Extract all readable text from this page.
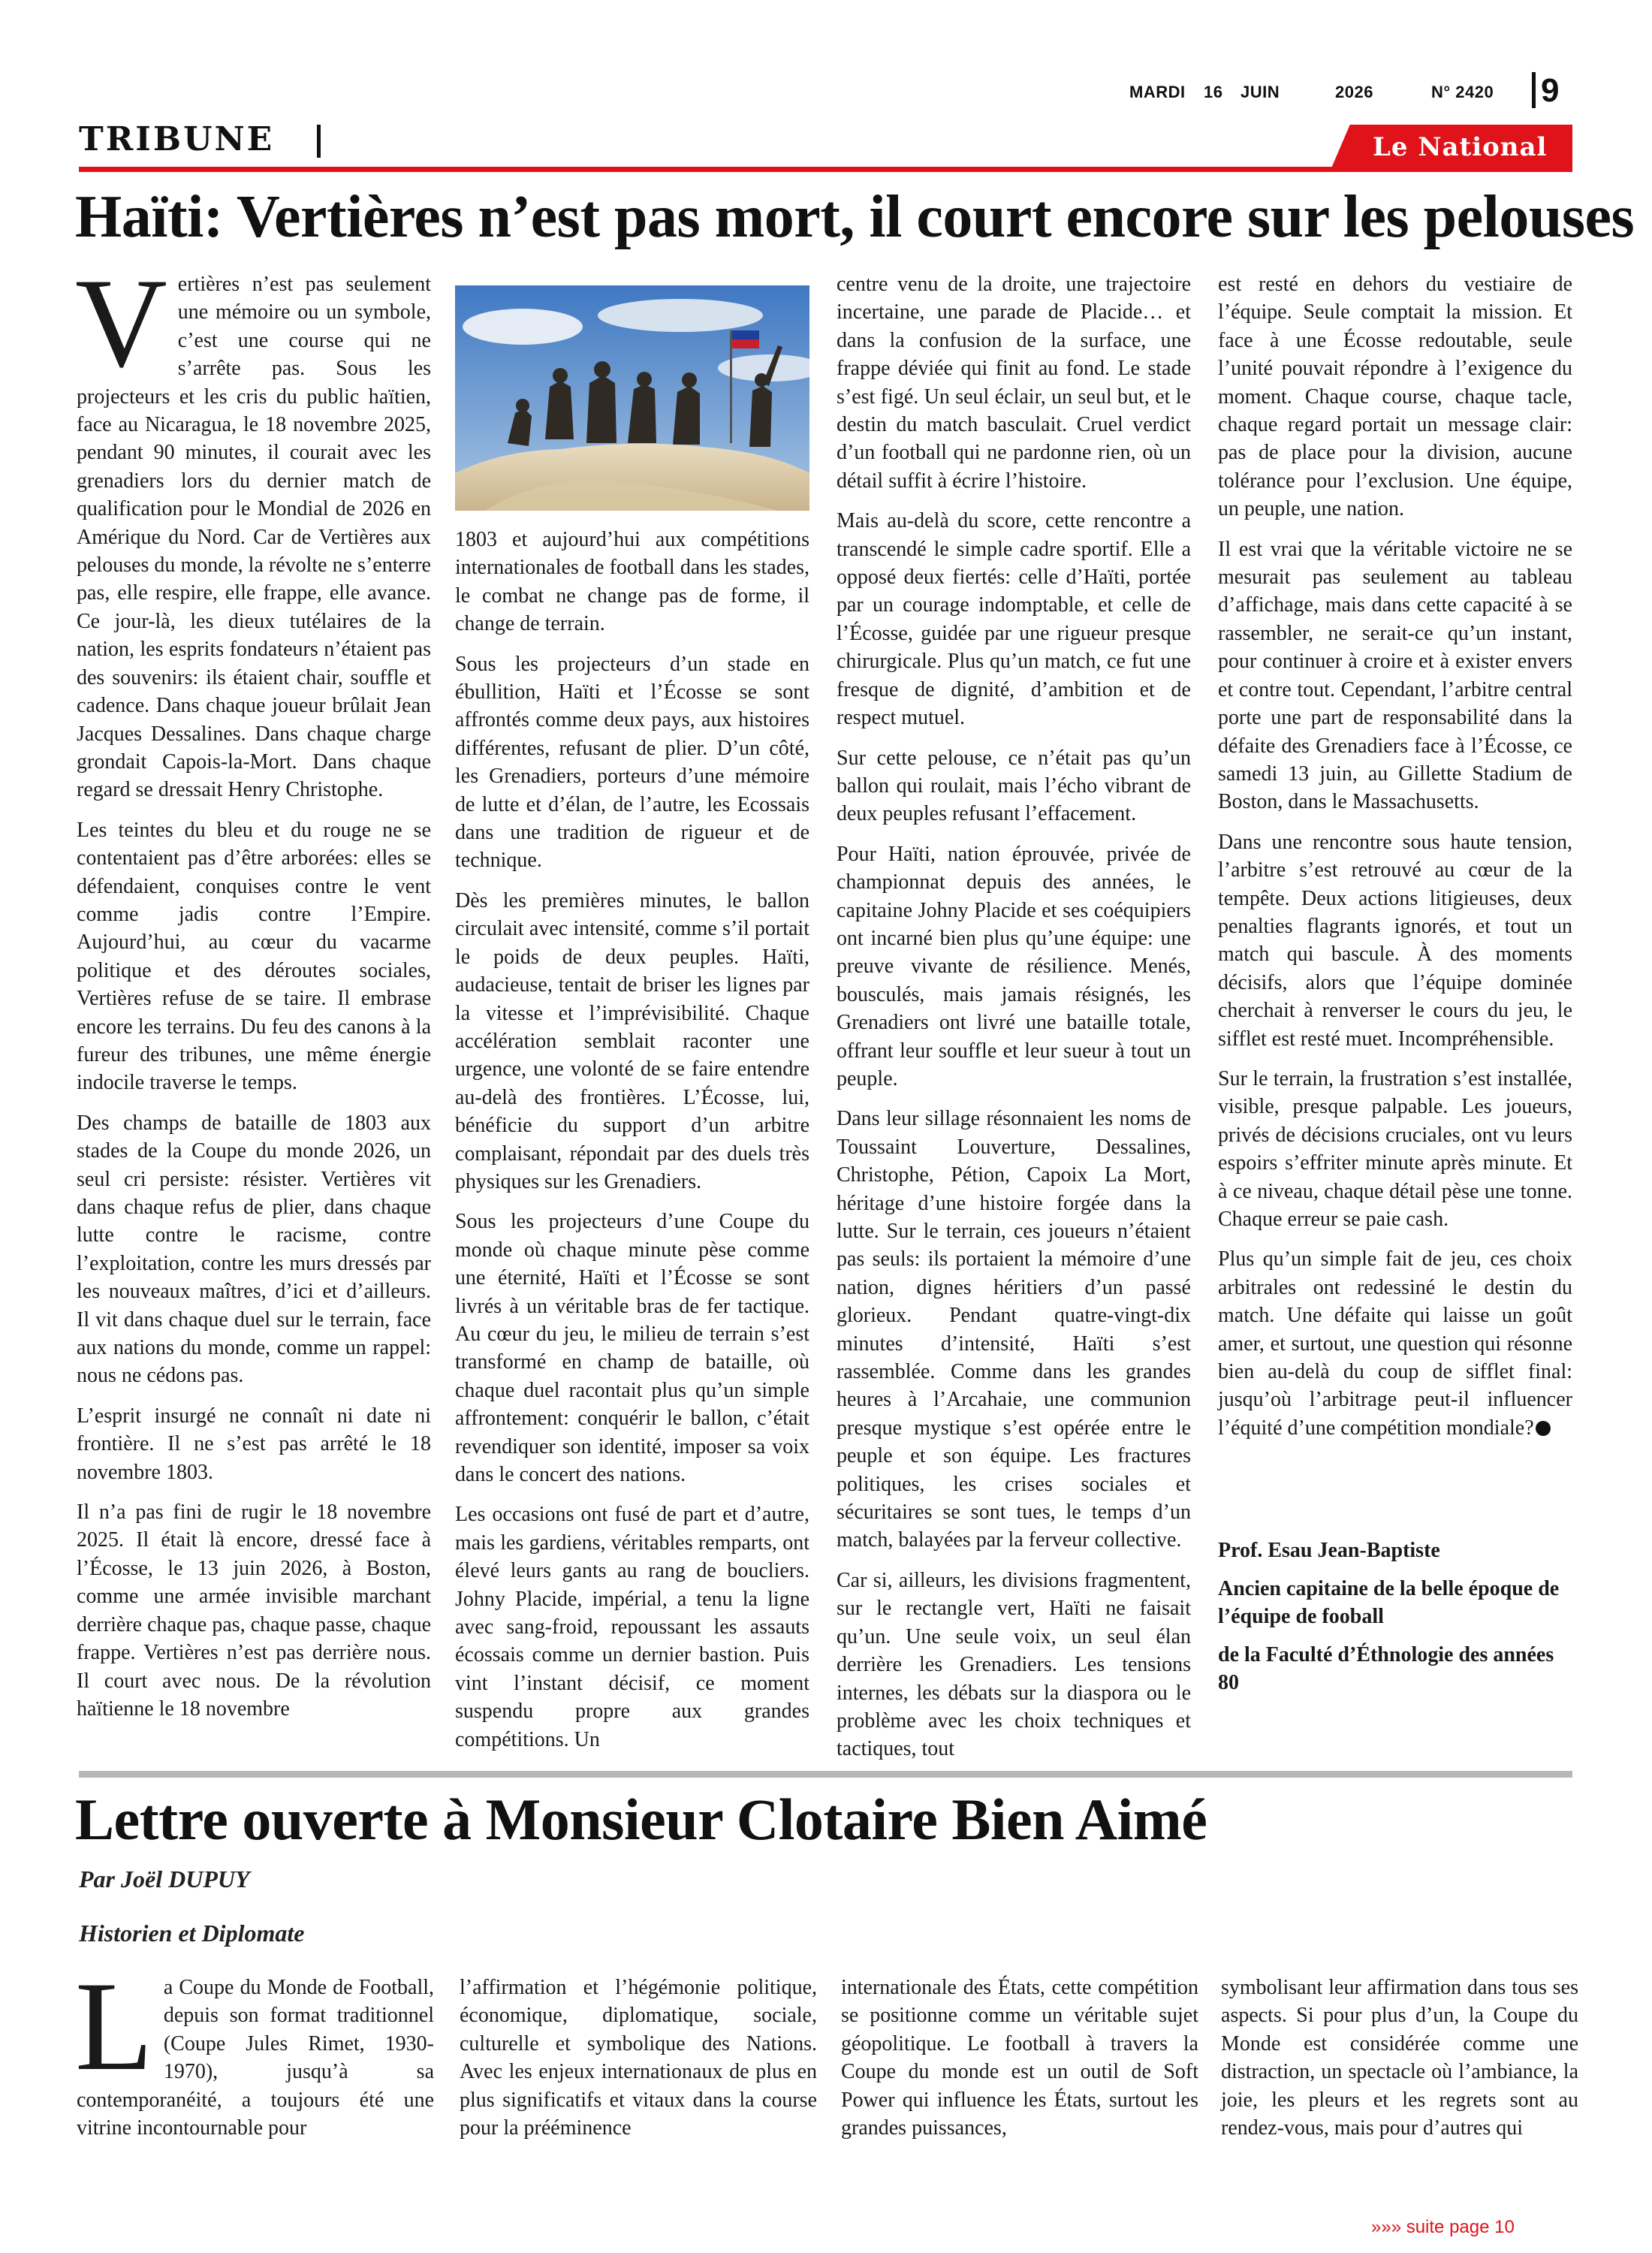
MARDI 16 JUIN	2026	N° 2420 9
TRIBUNE	Le National
Haïti: Vertières n’est pas mort, il court encore sur les pelouses
V ertières n’est pas seulement une mémoire ou un symbole, c’est une course qui ne s’arrête pas. Sous les projecteurs et les cris du public haïtien, face au Nicaragua, le 18 novembre 2025, pendant 90 minutes, il courait avec les grenadiers lors du dernier match de qualification pour le Mondial de 2026 en Amérique du Nord. Car de Vertières aux pelouses du monde, la révolte ne s’enterre pas, elle respire, elle frappe, elle avance. Ce jour-là, les dieux tutélaires de la nation, les esprits fondateurs n’étaient pas des souvenirs: ils étaient chair, souffle et cadence. Dans chaque joueur brûlait Jean Jacques Dessalines. Dans chaque charge grondait Capois-la-Mort. Dans chaque regard se dressait Henry Christophe.

Les teintes du bleu et du rouge ne se contentaient pas d’être arborées: elles se défendaient, conquises contre le vent comme jadis contre l’Empire. Aujourd’hui, au cœur du vacarme politique et des déroutes sociales, Vertières refuse de se taire. Il embrase encore les terrains. Du feu des canons à la fureur des tribunes, une même énergie indocile traverse le temps.

Des champs de bataille de 1803 aux stades de la Coupe du monde 2026, un seul cri persiste: résister. Vertières vit dans chaque refus de plier, dans chaque lutte contre le racisme, contre l’exploitation, contre les murs dressés par les nouveaux maîtres, d’ici et d’ailleurs. Il vit dans chaque duel sur le terrain, face aux nations du monde, comme un rappel: nous ne cédons pas.

L’esprit insurgé ne connaît ni date ni frontière. Il ne s’est pas arrêté le 18 novembre 1803.

Il n’a pas fini de rugir le 18 novembre 2025. Il était là encore, dressé face à l’Écosse, le 13 juin 2026, à Boston, comme une armée invisible marchant derrière chaque pas, chaque passe, chaque frappe. Vertières n’est pas derrière nous. Il court avec nous. De la révolution haïtienne le 18 novembre

1803 et aujourd’hui aux compétitions internationales de football dans les stades, le combat ne change pas de forme, il change de terrain.

Sous les projecteurs d’un stade en ébullition, Haïti et l’Écosse se sont affrontés comme deux pays, aux histoires différentes, refusant de plier. D’un côté, les Grenadiers, porteurs d’une mémoire de lutte et d’élan, de l’autre, les Ecossais dans une tradition de rigueur et de technique.

Dès les premières minutes, le ballon circulait avec intensité, comme s’il portait le poids de deux peuples. Haïti, audacieuse, tentait de briser les lignes par la vitesse et l’imprévisibilité. Chaque accélération semblait raconter une urgence, une volonté de se faire entendre au-delà des frontières. L’Écosse, lui, bénéficie du support d’un arbitre complaisant, répondait par des duels très physiques sur les Grenadiers.

Sous les projecteurs d’une Coupe du monde où chaque minute pèse comme une éternité, Haïti et l’Écosse se sont livrés à un véritable bras de fer tactique. Au cœur du jeu, le milieu de terrain s’est transformé en champ de bataille, où chaque duel racontait plus qu’un simple affrontement: conquérir le ballon, c’était revendiquer son identité, imposer sa voix dans le concert des nations.

Les occasions ont fusé de part et d’autre, mais les gardiens, véritables remparts, ont élevé leurs gants au rang de boucliers. Johny Placide, impérial, a tenu la ligne avec sang-froid, repoussant les assauts écossais comme un dernier bastion. Puis vint l’instant décisif, ce moment suspendu propre aux grandes compétitions. Un

centre venu de la droite, une trajectoire incertaine, une parade de Placide… et dans la confusion de la surface, une frappe déviée qui finit au fond. Le stade s’est figé. Un seul éclair, un seul but, et le destin du match basculait. Cruel verdict d’un football qui ne pardonne rien, où un détail suffit à écrire l’histoire.

Mais au-delà du score, cette rencontre a transcendé le simple cadre sportif. Elle a opposé deux fiertés: celle d’Haïti, portée par un courage indomptable, et celle de l’Écosse, guidée par une rigueur presque chirurgicale. Plus qu’un match, ce fut une fresque de dignité, d’ambition et de respect mutuel.

Sur cette pelouse, ce n’était pas qu’un ballon qui roulait, mais l’écho vibrant de deux peuples refusant l’effacement.

Pour Haïti, nation éprouvée, privée de championnat depuis des années, le capitaine Johny Placide et ses coéquipiers ont incarné bien plus qu’une équipe: une preuve vivante de résilience. Menés, bousculés, mais jamais résignés, les Grenadiers ont livré une bataille totale, offrant leur souffle et leur sueur à tout un peuple.

Dans leur sillage résonnaient les noms de Toussaint Louverture, Dessalines, Christophe, Pétion, Capoix La Mort, héritage d’une histoire forgée dans la lutte. Sur le terrain, ces joueurs n’étaient pas seuls: ils portaient la mémoire d’une nation, dignes héritiers d’un passé glorieux. Pendant quatre-vingt-dix minutes d’intensité, Haïti s’est rassemblée. Comme dans les grandes heures à l’Arcahaie, une communion presque mystique s’est opérée entre le peuple et son équipe. Les fractures politiques, les crises sociales et sécuritaires se sont tues, le temps d’un match, balayées par la ferveur collective.

Car si, ailleurs, les divisions fragmentent, sur le rectangle vert, Haïti ne faisait qu’un. Une seule voix, un seul élan derrière les Grenadiers. Les tensions internes, les débats sur la diaspora ou le problème avec les choix techniques et tactiques, tout

est resté en dehors du vestiaire de l’équipe. Seule comptait la mission. Et face à une Écosse redoutable, seule l’unité pouvait répondre à l’exigence du moment. Chaque course, chaque tacle, chaque regard portait un message clair: pas de place pour la division, aucune tolérance pour l’exclusion. Une équipe, un peuple, une nation.

Il est vrai que la véritable victoire ne se mesurait pas seulement au tableau d’affichage, mais dans cette capacité à se rassembler, ne serait-ce qu’un instant, pour continuer à croire et à exister envers et contre tout. Cependant, l’arbitre central porte une part de responsabilité dans la défaite des Grenadiers face à l’Écosse, ce samedi 13 juin, au Gillette Stadium de Boston, dans le Massachusetts.

Dans une rencontre sous haute tension, l’arbitre s’est retrouvé au cœur de la tempête. Deux actions litigieuses, deux penalties flagrants ignorés, et tout un match qui bascule. À des moments décisifs, alors que l’équipe dominée cherchait à renverser le cours du jeu, le sifflet est resté muet. Incompréhensible.

Sur le terrain, la frustration s’est installée, visible, presque palpable. Les joueurs, privés de décisions cruciales, ont vu leurs espoirs s’effriter minute après minute. Et à ce niveau, chaque détail pèse une tonne. Chaque erreur se paie cash.

Plus qu’un simple fait de jeu, ces choix arbitrales ont redessiné le destin du match. Une défaite qui laisse un goût amer, et surtout, une question qui résonne bien au-delà du coup de sifflet final: jusqu’où l’arbitrage peut-il influencer l’équité d’une compétition mondiale?

Prof. Esau Jean-Baptiste
Ancien capitaine de la belle époque de l’équipe de fooball
de la Faculté d’Éthnologie des années 80
Lettre ouverte à Monsieur Clotaire Bien Aimé
Par Joël DUPUY
Historien et Diplomate
L a Coupe du Monde de Football, depuis son format traditionnel (Coupe Jules Rimet, 1930-1970), jusqu’à sa contemporanéité, a toujours été une vitrine incontournable pour
l’affirmation et l’hégémonie politique, économique, diplomatique, sociale, culturelle et symbolique des Nations. Avec les enjeux internationaux de plus en plus significatifs et vitaux dans la course pour la prééminence
internationale des États, cette compétition se positionne comme un véritable sujet géopolitique. Le football à travers la Coupe du monde est un outil de Soft Power qui influence les États, surtout les grandes puissances,
symbolisant leur affirmation dans tous ses aspects. Si pour plus d’un, la Coupe du Monde est considérée comme une distraction, un spectacle où l’ambiance, la joie, les pleurs et les regrets sont au rendez-vous, mais pour d’autres qui
»»» suite page 10
